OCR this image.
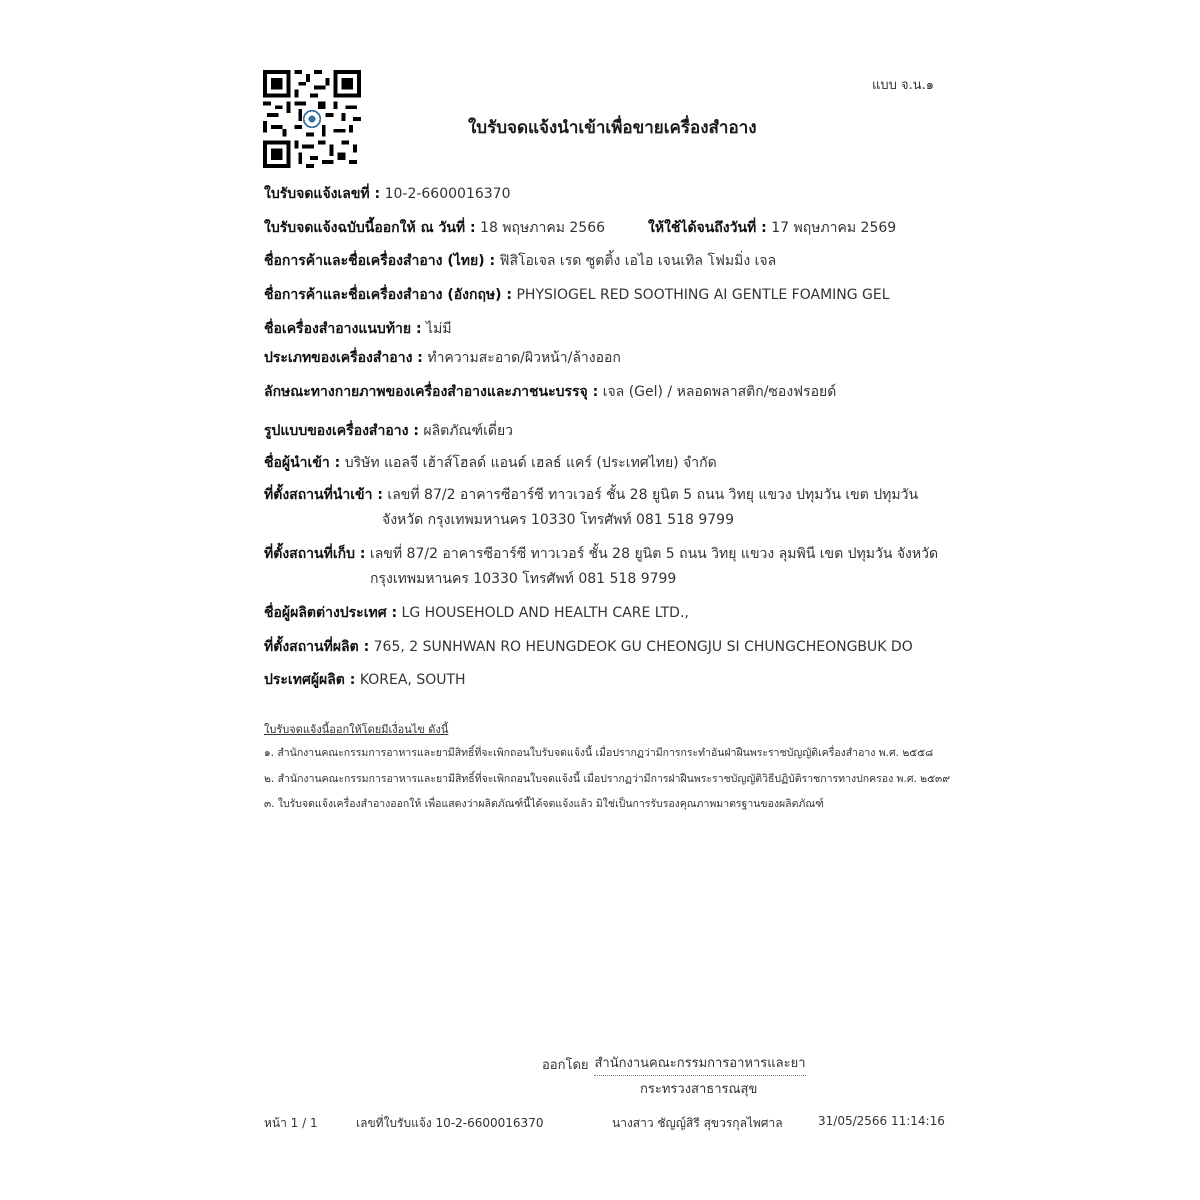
แบบ จ.น.๑
ใบรับจดแจ้งนำเข้าเพื่อขายเครื่องสำอาง
ใบรับจดแจ้งเลขที่ : 10-2-6600016370
ใบรับจดแจ้งฉบับนี้ออกให้ ณ วันที่ : 18 พฤษภาคม 2566	ให้ใช้ได้จนถึงวันที่ : 17 พฤษภาคม 2569
ชื่อการค้าและชื่อเครื่องสำอาง (ไทย) : ฟิสิโอเจล เรด ซูตติ้ง เอไอ เจนเทิล โฟมมิ่ง เจล
ชื่อการค้าและชื่อเครื่องสำอาง (อังกฤษ) : PHYSIOGEL RED SOOTHING AI GENTLE FOAMING GEL
ชื่อเครื่องสำอางแนบท้าย : ไม่มี
ประเภทของเครื่องสำอาง : ทำความสะอาด/ผิวหน้า/ล้างออก
ลักษณะทางกายภาพของเครื่องสำอางและภาชนะบรรจุ : เจล (Gel) / หลอดพลาสติก/ซองฟรอยด์
รูปแบบของเครื่องสำอาง : ผลิตภัณฑ์เดี่ยว
ชื่อผู้นำเข้า : บริษัท แอลจี เฮ้าส์โฮลด์ แอนด์ เฮลธ์ แคร์ (ประเทศไทย) จำกัด
ที่ตั้งสถานที่นำเข้า : เลขที่ 87/2 อาคารซีอาร์ซี ทาวเวอร์ ชั้น 28 ยูนิต 5 ถนน วิทยุ แขวง ปทุมวัน เขต ปทุมวัน
จังหวัด กรุงเทพมหานคร 10330 โทรศัพท์ 081 518 9799
ที่ตั้งสถานที่เก็บ : เลขที่ 87/2 อาคารซีอาร์ซี ทาวเวอร์ ชั้น 28 ยูนิต 5 ถนน วิทยุ แขวง ลุมพินี เขต ปทุมวัน จังหวัด
กรุงเทพมหานคร 10330 โทรศัพท์ 081 518 9799
ชื่อผู้ผลิตต่างประเทศ : LG HOUSEHOLD AND HEALTH CARE LTD.,
ที่ตั้งสถานที่ผลิต : 765, 2 SUNHWAN RO HEUNGDEOK GU CHEONGJU SI CHUNGCHEONGBUK DO
ประเทศผู้ผลิต : KOREA, SOUTH
ใบรับจดแจ้งนี้ออกให้โดยมีเงื่อนไข ดังนี้
๑. สำนักงานคณะกรรมการอาหารและยามีสิทธิ์ที่จะเพิกถอนใบรับจดแจ้งนี้ เมื่อปรากฏว่ามีการกระทำอันฝ่าฝืนพระราชบัญญัติเครื่องสำอาง พ.ศ. ๒๕๕๘
๒. สำนักงานคณะกรรมการอาหารและยามีสิทธิ์ที่จะเพิกถอนใบจดแจ้งนี้ เมื่อปรากฏว่ามีการฝ่าฝืนพระราชบัญญัติวิธีปฏิบัติราชการทางปกครอง พ.ศ. ๒๕๓๙
๓. ใบรับจดแจ้งเครื่องสำอางออกให้ เพื่อแสดงว่าผลิตภัณฑ์นี้ได้จดแจ้งแล้ว มิใช่เป็นการรับรองคุณภาพมาตรฐานของผลิตภัณฑ์
ออกโดย สำนักงานคณะกรรมการอาหารและยา
กระทรวงสาธารณสุข
หน้า 1 / 1	เลขที่ใบรับแจ้ง 10-2-6600016370	นางสาว ชัญญ์สิรี สุขวรกุลไพศาล	31/05/2566 11:14:16
